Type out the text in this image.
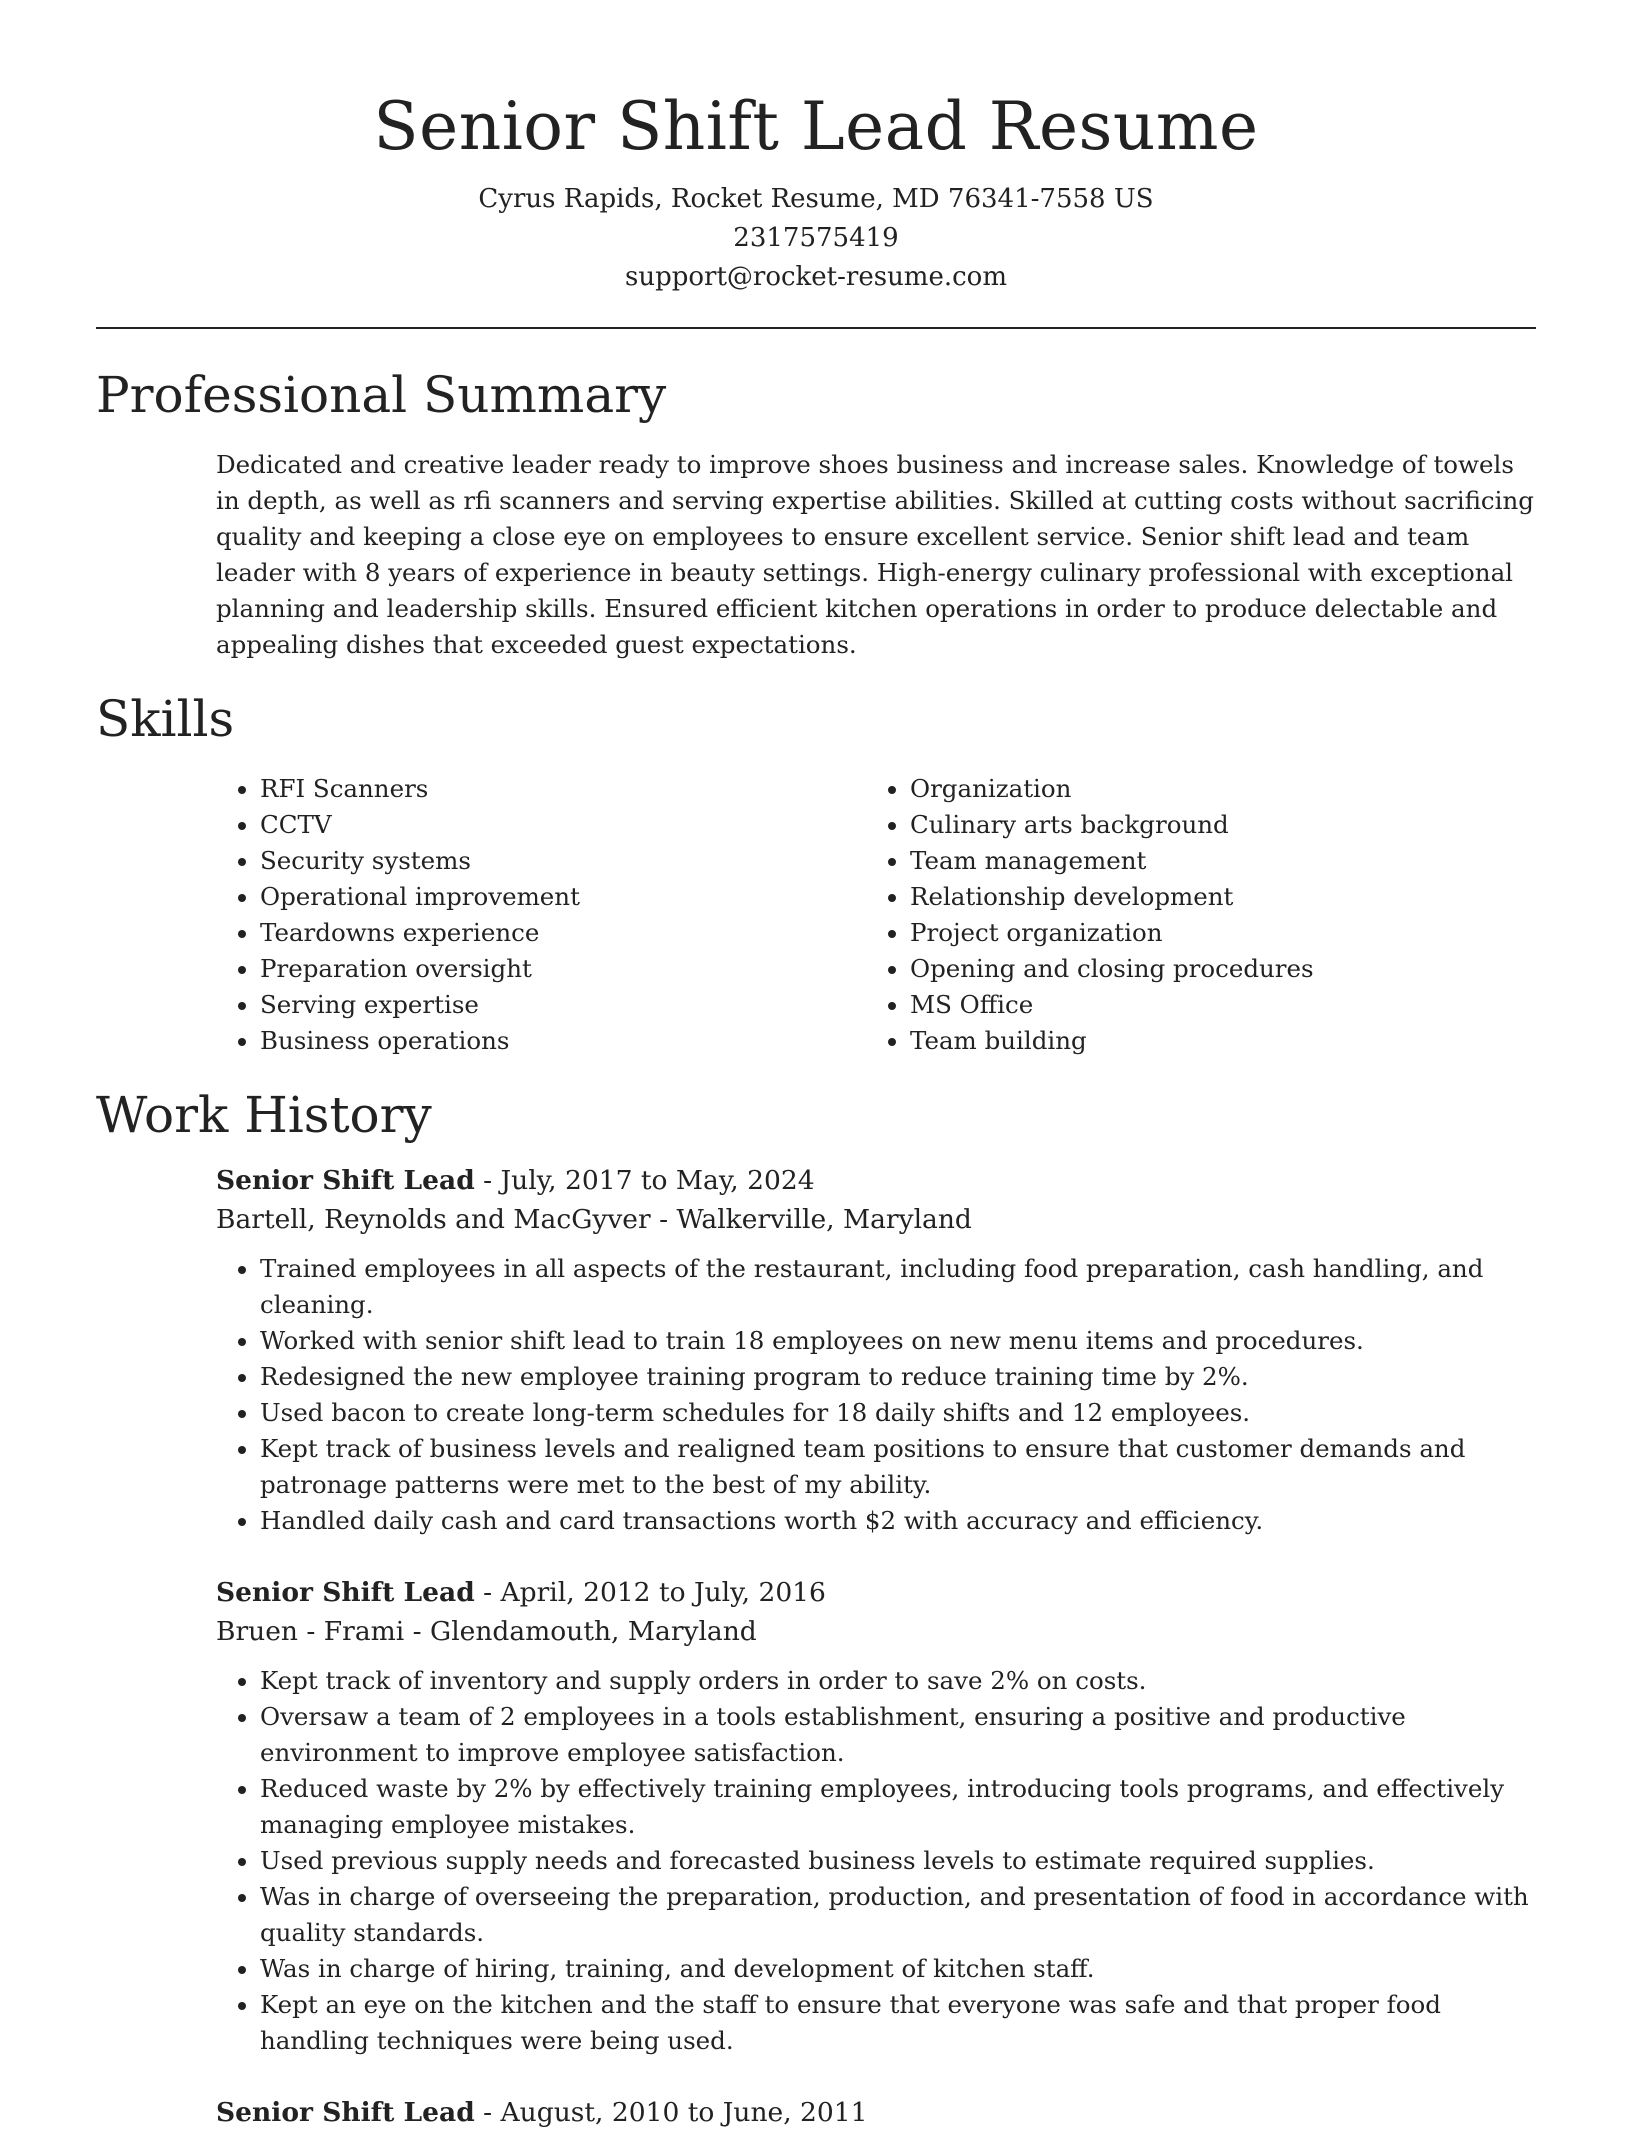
Senior Shift Lead Resume

Cyrus Rapids, Rocket Resume, MD 76341-7558 US

2317575419

support@rocket-resume.com

Professional Summary

Dedicated and creative leader ready to improve shoes business and increase sales. Knowledge of towels in depth, as well as rfi scanners and serving expertise abilities. Skilled at cutting costs without sacrificing quality and keeping a close eye on employees to ensure excellent service. Senior shift lead and team leader with 8 years of experience in beauty settings. High-energy culinary professional with exceptional planning and leadership skills. Ensured efficient kitchen operations in order to produce delectable and appealing dishes that exceeded guest expectations.

Skills
• RFI Scanners
• CCTV
• Security systems
• Operational improvement
• Teardowns experience
• Preparation oversight
• Serving expertise
• Business operations
• Organization
• Culinary arts background
• Team management
• Relationship development
• Project organization
• Opening and closing procedures
• MS Office
• Team building
Work History

Senior Shift Lead - July, 2017 to May, 2024

Bartell, Reynolds and MacGyver - Walkerville, Maryland

• Trained employees in all aspects of the restaurant, including food preparation, cash handling, and cleaning.
• Worked with senior shift lead to train 18 employees on new menu items and procedures.
• Redesigned the new employee training program to reduce training time by 2%.
• Used bacon to create long-term schedules for 18 daily shifts and 12 employees.
• Kept track of business levels and realigned team positions to ensure that customer demands and patronage patterns were met to the best of my ability.
• Handled daily cash and card transactions worth $2 with accuracy and efficiency.

Senior Shift Lead - April, 2012 to July, 2016

Bruen - Frami - Glendamouth, Maryland

• Kept track of inventory and supply orders in order to save 2% on costs.
• Oversaw a team of 2 employees in a tools establishment, ensuring a positive and productive environment to improve employee satisfaction.
• Reduced waste by 2% by effectively training employees, introducing tools programs, and effectively managing employee mistakes.
• Used previous supply needs and forecasted business levels to estimate required supplies.
• Was in charge of overseeing the preparation, production, and presentation of food in accordance with quality standards.
• Was in charge of hiring, training, and development of kitchen staff.
• Kept an eye on the kitchen and the staff to ensure that everyone was safe and that proper food handling techniques were being used.

Senior Shift Lead - August, 2010 to June, 2011
